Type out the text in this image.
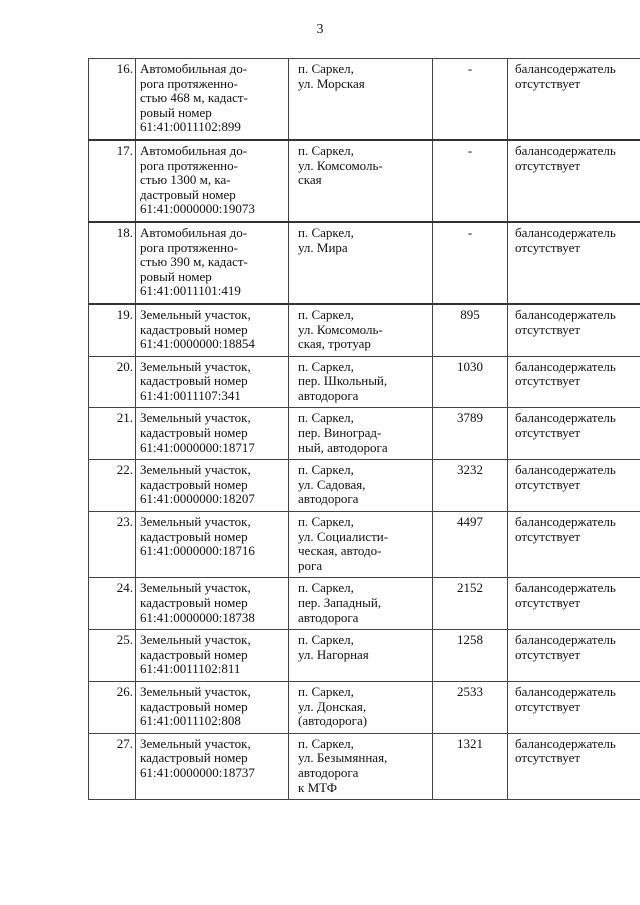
3
16.	Автомобильная до-
рога протяженно-
стью 468 м, кадаст-
ровый номер
61:41:0011102:899	п. Саркел,
ул. Морская	-	балансодержатель
отсутствует
17.	Автомобильная до-
рога протяженно-
стью 1300 м, ка-
дастровый номер
61:41:0000000:19073	п. Саркел,
ул. Комсомоль-
ская	-	балансодержатель
отсутствует
18.	Автомобильная до-
рога протяженно-
стью 390 м, кадаст-
ровый номер
61:41:0011101:419	п. Саркел,
ул. Мира	-	балансодержатель
отсутствует
19.	Земельный участок,
кадастровый номер
61:41:0000000:18854	п. Саркел,
ул. Комсомоль-
ская, тротуар	895	балансодержатель
отсутствует
20.	Земельный участок,
кадастровый номер
61:41:0011107:341	п. Саркел,
пер. Школьный,
автодорога	1030	балансодержатель
отсутствует
21.	Земельный участок,
кадастровый номер
61:41:0000000:18717	п. Саркел,
пер. Виноград-
ный, автодорога	3789	балансодержатель
отсутствует
22.	Земельный участок,
кадастровый номер
61:41:0000000:18207	п. Саркел,
ул. Садовая,
автодорога	3232	балансодержатель
отсутствует
23.	Земельный участок,
кадастровый номер
61:41:0000000:18716	п. Саркел,
ул. Социалисти-
ческая, автодо-
рога	4497	балансодержатель
отсутствует
24.	Земельный участок,
кадастровый номер
61:41:0000000:18738	п. Саркел,
пер. Западный,
автодорога	2152	балансодержатель
отсутствует
25.	Земельный участок,
кадастровый номер
61:41:0011102:811	п. Саркел,
ул. Нагорная	1258	балансодержатель
отсутствует
26.	Земельный участок,
кадастровый номер
61:41:0011102:808	п. Саркел,
ул. Донская,
(автодорога)	2533	балансодержатель
отсутствует
27.	Земельный участок,
кадастровый номер
61:41:0000000:18737	п. Саркел,
ул. Безымянная,
автодорога
к МТФ	1321	балансодержатель
отсутствует
